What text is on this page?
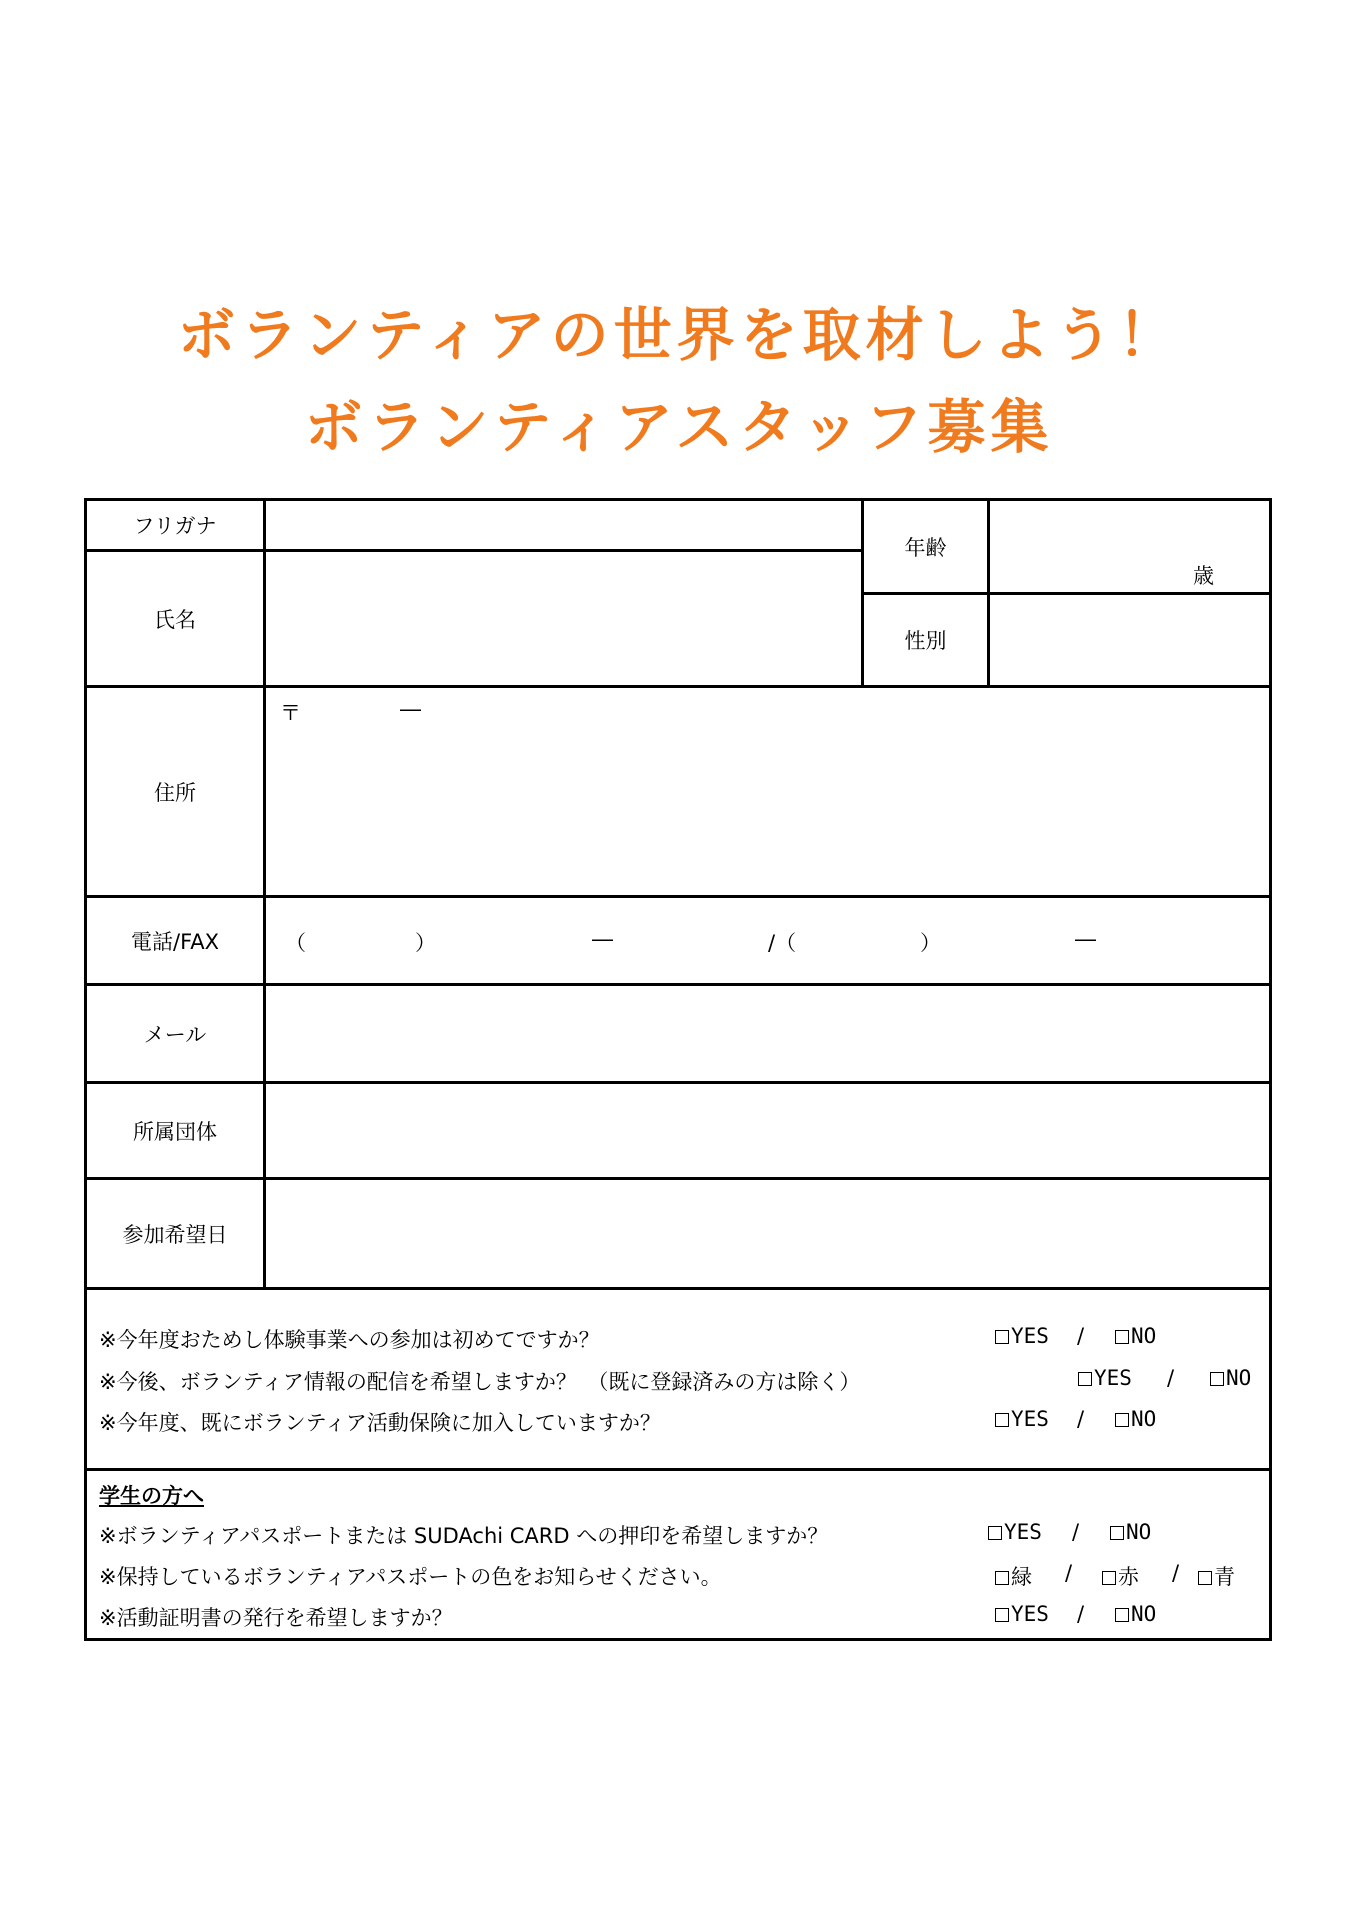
ボランティアの世界を取材しよう！
ボランティアスタッフ募集
フリガナ
氏名
年齢
歳
性別
住所
〒	―
電話/FAX	（	）	―	/（	）	―
メール
所属団体
参加希望日
※今年度おためし体験事業への参加は初めてですか？	YES /	NO
※今後、ボランティア情報の配信を希望しますか？　（既に登録済みの方は除く）	YES /	NO
※今年度、既にボランティア活動保険に加入していますか？	YES /	NO
学生の方へ
※ボランティアパスポートまたは SUDAchi CARD への押印を希望しますか？	YES /	NO
※保持しているボランティアパスポートの色をお知らせください。	緑 /	赤 /	青
※活動証明書の発行を希望しますか？	YES /	NO
